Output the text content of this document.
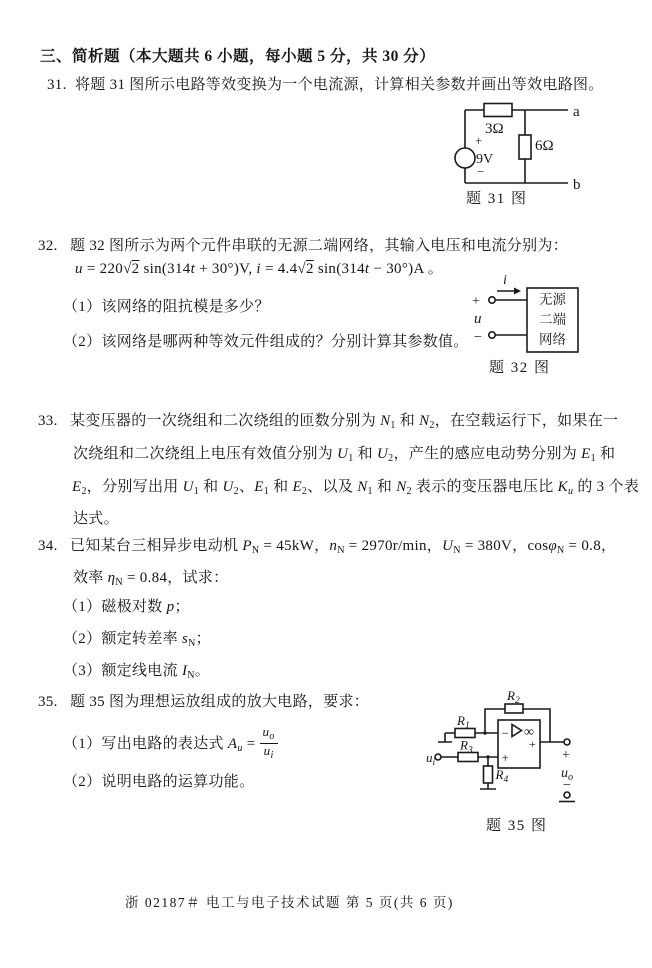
三、简析题（本大题共 6 小题，每小题 5 分，共 30 分）
31. 将题 31 图所示电路等效变换为一个电流源，计算相关参数并画出等效电路图。
3Ω
6Ω
+
9V
−
a
b
题 31 图
32. 题 32 图所示为两个元件串联的无源二端网络，其输入电压和电流分别为：
u = 220√2 sin(314t + 30°)V, i = 4.4√2 sin(314t − 30°)A 。
（1）该网络的阻抗模是多少？
（2）该网络是哪两种等效元件组成的？分别计算其参数值。
无源
二端
网络
+
u
−
i
题 32 图
33. 某变压器的一次绕组和二次绕组的匝数分别为 $N_1$ 和 $N_2$，在空载运行下，如果在一
次绕组和二次绕组上电压有效值分别为 $U_1$ 和 $U_2$，产生的感应电动势分别为 $E_1$ 和
$E_2$，分别写出用 $U_1$ 和 $U_2$、$E_1$ 和 $E_2$、以及 $N_1$ 和 $N_2$ 表示的变压器电压比 $K_u$ 的 3 个表
达式。
34. 已知某台三相异步电动机 $P_N = 45kW$，$n_N = 2970r/\min$，$U_N = 380V$，cosφ$_N$ = 0.8，
效率 $\eta_N = 0.84$，试求：
（1）磁极对数 p；
（2）额定转差率 $s_N$；
（3）额定线电流 $I_N$。
35. 题 35 图为理想运放组成的放大电路，要求：
（1）写出电路的表达式 $A_u = \frac{u_o}{u_i}$
（2）说明电路的运算功能。
$R_2$
$R_1$
$R_3$
$R_4$
−
+
∞
+
$u_i$	+
$u_o$
−
题 35 图
浙 02187＃ 电工与电子技术试题 第 5 页(共 6 页)
